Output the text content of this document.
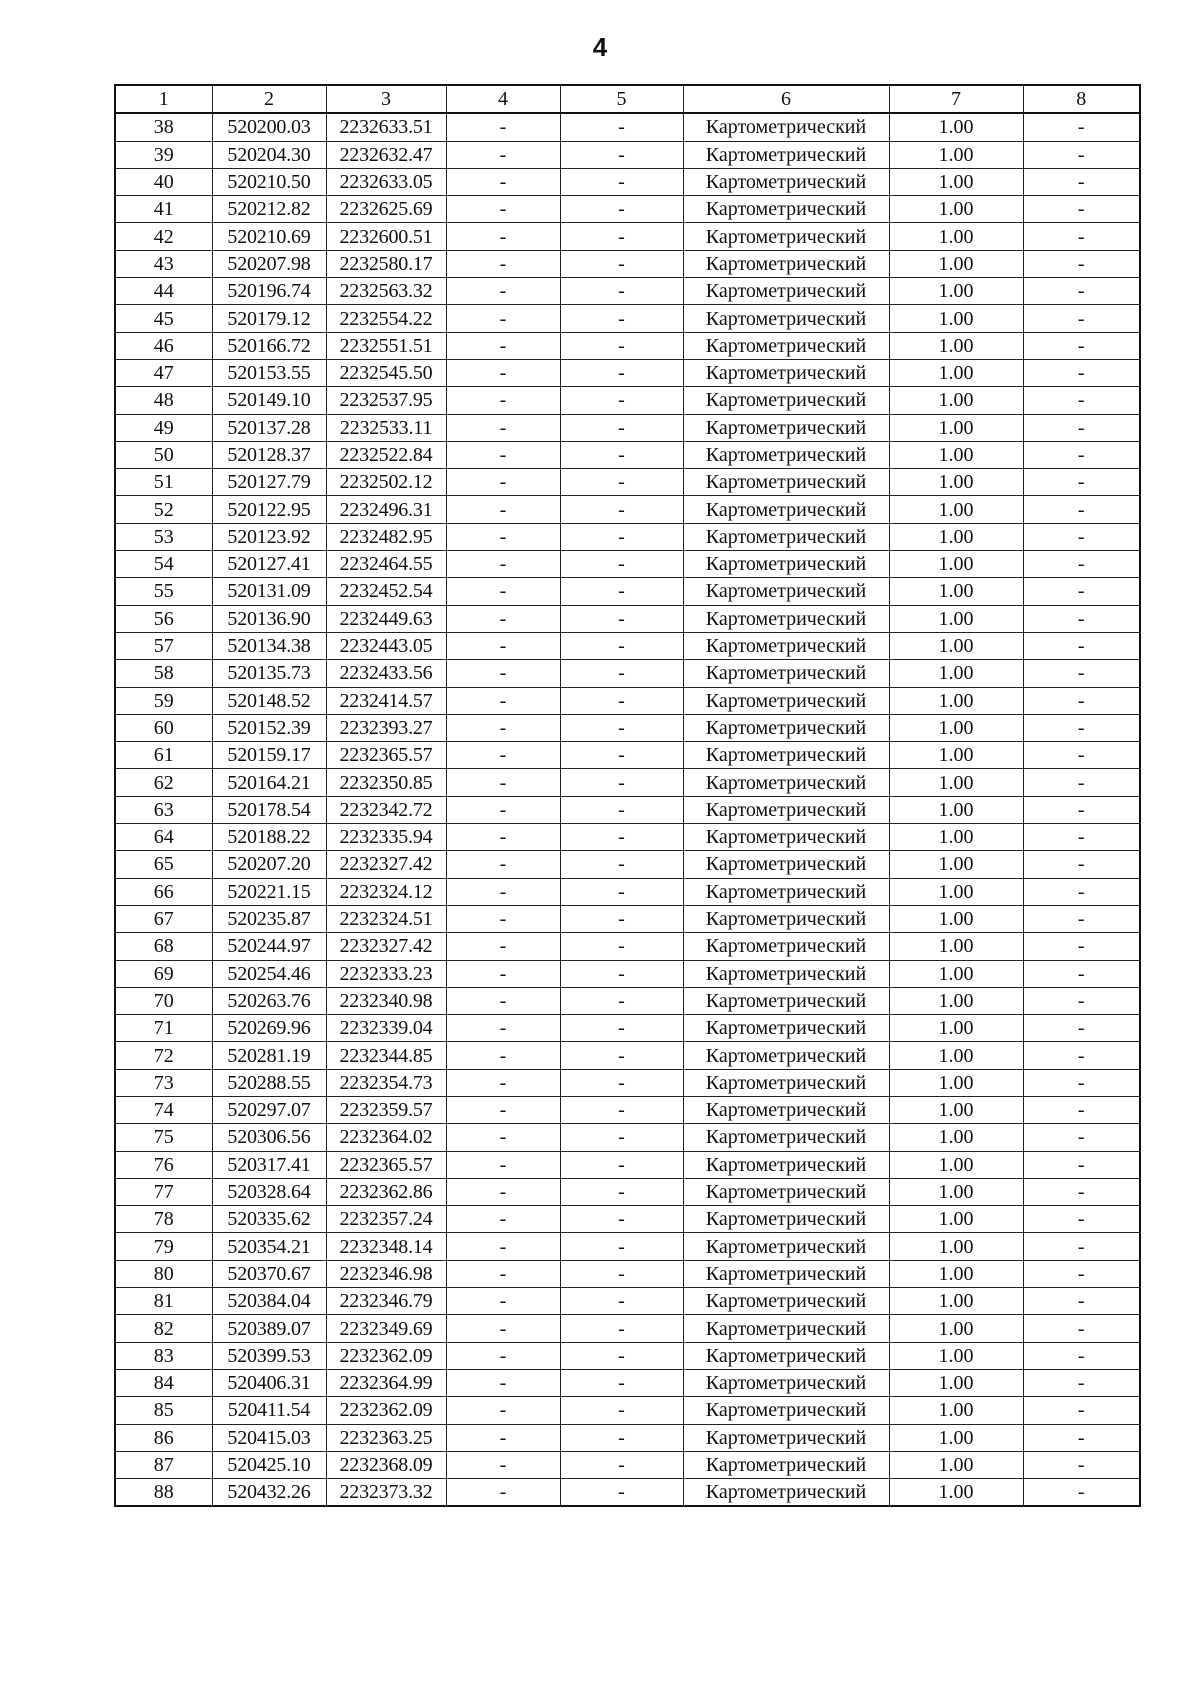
4
1	2	3	4	5	6	7	8
38	520200.03	2232633.51	-	-	Картометрический	1.00	-
39	520204.30	2232632.47	-	-	Картометрический	1.00	-
40	520210.50	2232633.05	-	-	Картометрический	1.00	-
41	520212.82	2232625.69	-	-	Картометрический	1.00	-
42	520210.69	2232600.51	-	-	Картометрический	1.00	-
43	520207.98	2232580.17	-	-	Картометрический	1.00	-
44	520196.74	2232563.32	-	-	Картометрический	1.00	-
45	520179.12	2232554.22	-	-	Картометрический	1.00	-
46	520166.72	2232551.51	-	-	Картометрический	1.00	-
47	520153.55	2232545.50	-	-	Картометрический	1.00	-
48	520149.10	2232537.95	-	-	Картометрический	1.00	-
49	520137.28	2232533.11	-	-	Картометрический	1.00	-
50	520128.37	2232522.84	-	-	Картометрический	1.00	-
51	520127.79	2232502.12	-	-	Картометрический	1.00	-
52	520122.95	2232496.31	-	-	Картометрический	1.00	-
53	520123.92	2232482.95	-	-	Картометрический	1.00	-
54	520127.41	2232464.55	-	-	Картометрический	1.00	-
55	520131.09	2232452.54	-	-	Картометрический	1.00	-
56	520136.90	2232449.63	-	-	Картометрический	1.00	-
57	520134.38	2232443.05	-	-	Картометрический	1.00	-
58	520135.73	2232433.56	-	-	Картометрический	1.00	-
59	520148.52	2232414.57	-	-	Картометрический	1.00	-
60	520152.39	2232393.27	-	-	Картометрический	1.00	-
61	520159.17	2232365.57	-	-	Картометрический	1.00	-
62	520164.21	2232350.85	-	-	Картометрический	1.00	-
63	520178.54	2232342.72	-	-	Картометрический	1.00	-
64	520188.22	2232335.94	-	-	Картометрический	1.00	-
65	520207.20	2232327.42	-	-	Картометрический	1.00	-
66	520221.15	2232324.12	-	-	Картометрический	1.00	-
67	520235.87	2232324.51	-	-	Картометрический	1.00	-
68	520244.97	2232327.42	-	-	Картометрический	1.00	-
69	520254.46	2232333.23	-	-	Картометрический	1.00	-
70	520263.76	2232340.98	-	-	Картометрический	1.00	-
71	520269.96	2232339.04	-	-	Картометрический	1.00	-
72	520281.19	2232344.85	-	-	Картометрический	1.00	-
73	520288.55	2232354.73	-	-	Картометрический	1.00	-
74	520297.07	2232359.57	-	-	Картометрический	1.00	-
75	520306.56	2232364.02	-	-	Картометрический	1.00	-
76	520317.41	2232365.57	-	-	Картометрический	1.00	-
77	520328.64	2232362.86	-	-	Картометрический	1.00	-
78	520335.62	2232357.24	-	-	Картометрический	1.00	-
79	520354.21	2232348.14	-	-	Картометрический	1.00	-
80	520370.67	2232346.98	-	-	Картометрический	1.00	-
81	520384.04	2232346.79	-	-	Картометрический	1.00	-
82	520389.07	2232349.69	-	-	Картометрический	1.00	-
83	520399.53	2232362.09	-	-	Картометрический	1.00	-
84	520406.31	2232364.99	-	-	Картометрический	1.00	-
85	520411.54	2232362.09	-	-	Картометрический	1.00	-
86	520415.03	2232363.25	-	-	Картометрический	1.00	-
87	520425.10	2232368.09	-	-	Картометрический	1.00	-
88	520432.26	2232373.32	-	-	Картометрический	1.00	-
